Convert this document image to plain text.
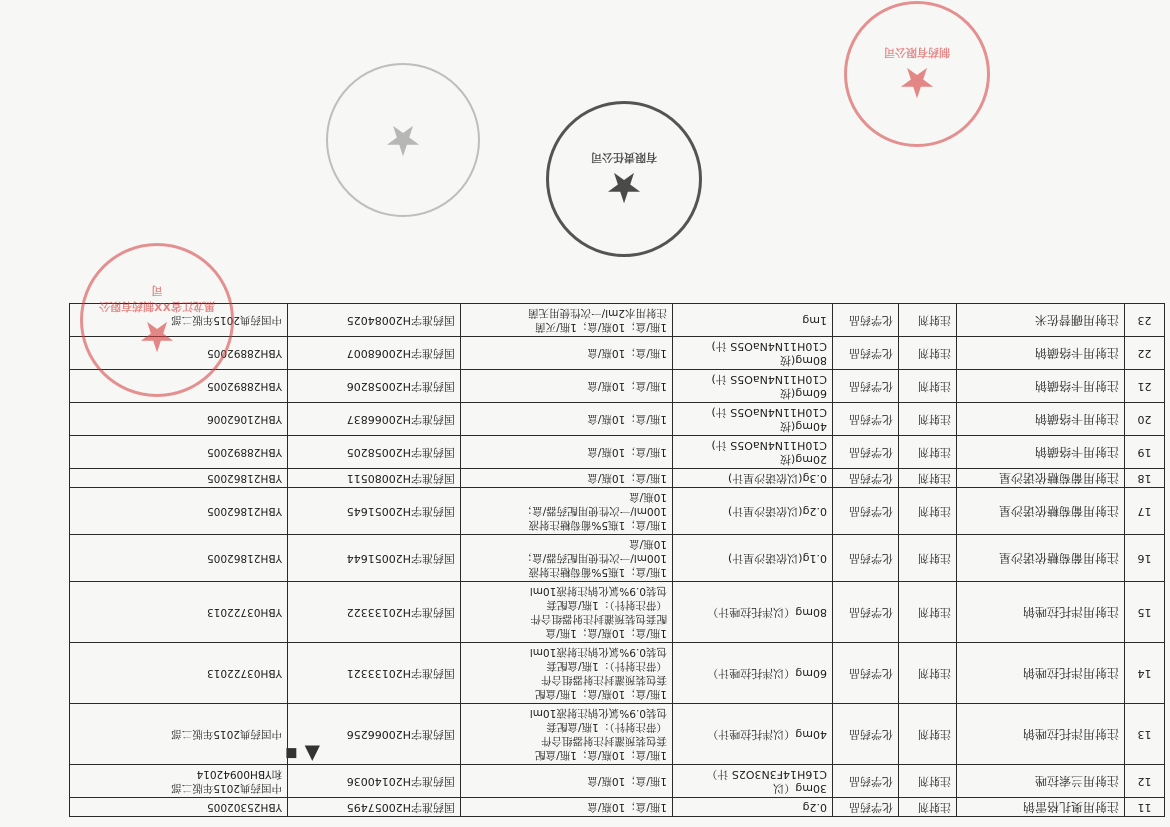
11	注射用奥扎格雷钠	注射剂	化学药品	0.2g	1瓶/盒；10瓶/盒	国药准字H20057495	YBH25302005
12	注射用兰索拉唑	注射剂	化学药品	30mg（以
C16H14F3N3O2S 计）	1瓶/盒；10瓶/盒	国药准字H20140036	中国药典2015年版二部
和YBH00942014
13	注射用泮托拉唑钠	注射剂	化学药品	40mg（以泮托拉唑计）	1瓶/盒；10瓶/盒；1瓶/盒配
套包装预灌封注射器组合件
（带注射针）：1瓶/盒配套
包装0.9%氯化钠注射液10ml	国药准字H20066256	中国药典2015年版二部
14	注射用泮托拉唑钠	注射剂	化学药品	60mg（以泮托拉唑计）	1瓶/盒；10瓶/盒；1瓶/盒配
套包装预灌封注射器组合件
（带注射针）：1瓶/盒配套
包装0.9%氯化钠注射液10ml	国药准字H20133321	YBH03722013
15	注射用泮托拉唑钠	注射剂	化学药品	80mg（以泮托拉唑计）	1瓶/盒；10瓶/盒；1瓶/盒
配套包装预灌封注射器组合件
（带注射针）：1瓶/盒配套
包装0.9%氯化钠注射液10ml	国药准字H20133322	YBH03722013
16	注射用葡萄糖依诺沙星	注射剂	化学药品	0.1g(以依诺沙星计)	1瓶/盒；1瓶5%葡萄糖注射液
100ml/一次性使用配药器/盒；
10瓶/盒	国药准字H20051644	YBH21862005
17	注射用葡萄糖依诺沙星	注射剂	化学药品	0.2g(以依诺沙星计)	1瓶/盒；1瓶5%葡萄糖注射液
100ml/一次性使用配药器/盒；
10瓶/盒	国药准字H20051645	YBH21862005
18	注射用葡萄糖依诺沙星	注射剂	化学药品	0.3g(以依诺沙星计)	1瓶/盒；10瓶/盒	国药准字H20080511	YBH21862005
19	注射用卡络磺钠	注射剂	化学药品	20mg(按
C10H11N4NaO5S 计)	1瓶/盒；10瓶/盒	国药准字H20058205	YBH28892005
20	注射用卡络磺钠	注射剂	化学药品	40mg(按
C10H11N4NaO5S 计)	1瓶/盒；10瓶/盒	国药准字H20066837	YBH21062006
21	注射用卡络磺钠	注射剂	化学药品	60mg(按
C10H11N4NaO5S 计)	1瓶/盒；10瓶/盒	国药准字H20058206	YBH28892005
22	注射用卡络磺钠	注射剂	化学药品	80mg(按
C10H11N4NaO5S 计)	1瓶/盒；10瓶/盒	国药准字H20068007	YBH28892005
23	注射用硼替佐米	注射剂	化学药品	1mg	1瓶/盒；10瓶/盒；1瓶/灭菌
注射用水2ml/一次性使用无菌	国药准字H20084025	中国药典2015年版二部
★
黑龙江省XX制药有限公司
★
有限责任公司
★
★
制药有限公司
▲ ▪
